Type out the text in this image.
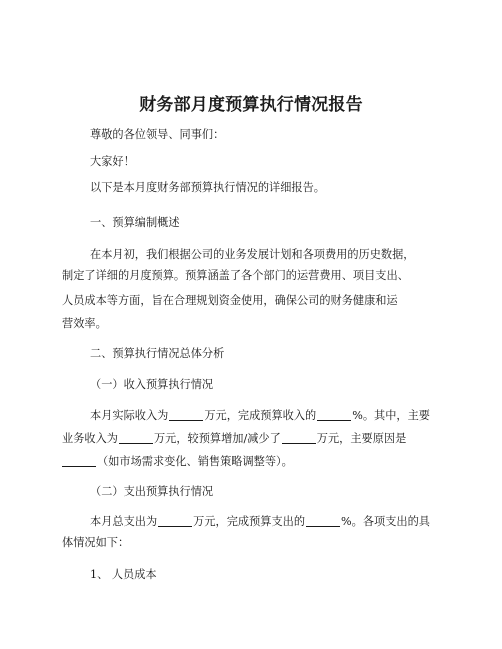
财务部月度预算执行情况报告
尊敬的各位领导、同事们：
大家好！
以下是本月度财务部预算执行情况的详细报告。
一、预算编制概述
在本月初，我们根据公司的业务发展计划和各项费用的历史数据，
制定了详细的月度预算。预算涵盖了各个部门的运营费用、项目支出、
人员成本等方面，旨在合理规划资金使用，确保公司的财务健康和运
营效率。
二、预算执行情况总体分析
（一）收入预算执行情况
本月实际收入为	万元，完成预算收入的	%。其中，主要
业务收入为	万元，较预算增加/减少了	万元，主要原因是
（如市场需求变化、销售策略调整等）。
（二）支出预算执行情况
本月总支出为	万元，完成预算支出的	%。各项支出的具
体情况如下：
1、 人员成本
